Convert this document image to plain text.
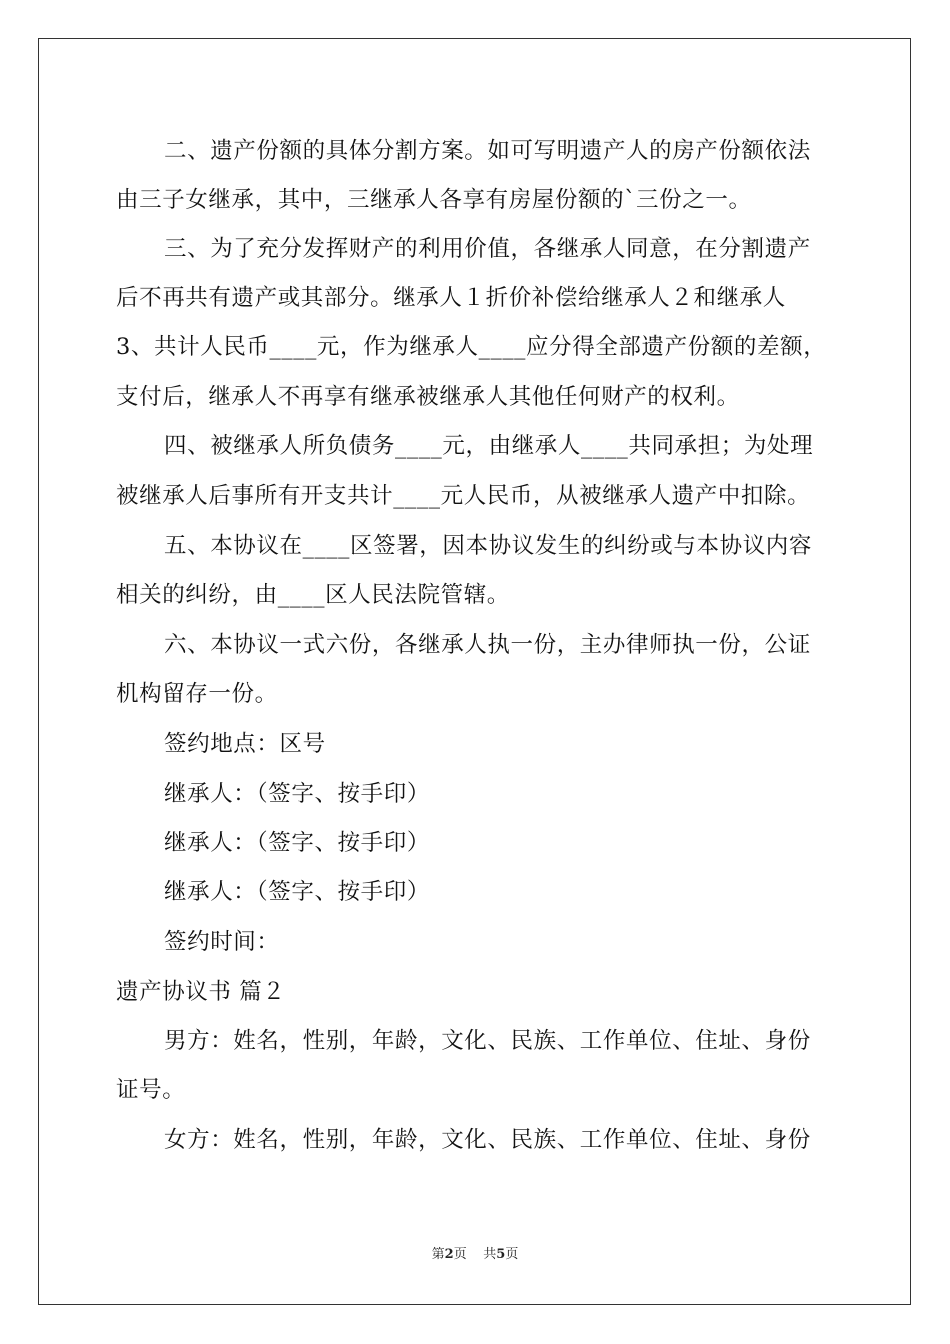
二、遗产份额的具体分割方案。如可写明遗产人的房产份额依法
由三子女继承，其中，三继承人各享有房屋份额的`三份之一。
三、为了充分发挥财产的利用价值，各继承人同意，在分割遗产
后不再共有遗产或其部分。继承人１折价补偿给继承人２和继承人
3、共计人民币____元，作为继承人____应分得全部遗产份额的差额，
支付后，继承人不再享有继承被继承人其他任何财产的权利。
四、被继承人所负债务____元，由继承人____共同承担；为处理
被继承人后事所有开支共计____元人民币，从被继承人遗产中扣除。
五、本协议在____区签署，因本协议发生的纠纷或与本协议内容
相关的纠纷，由____区人民法院管辖。
六、本协议一式六份，各继承人执一份，主办律师执一份，公证
机构留存一份。
签约地点：区号
继承人：（签字、按手印）
继承人：（签字、按手印）
继承人：（签字、按手印）
签约时间：
遗产协议书 篇２
男方：姓名，性别，年龄，文化、民族、工作单位、住址、身份
证号。
女方：姓名，性别，年龄，文化、民族、工作单位、住址、身份
第2页 共5页
